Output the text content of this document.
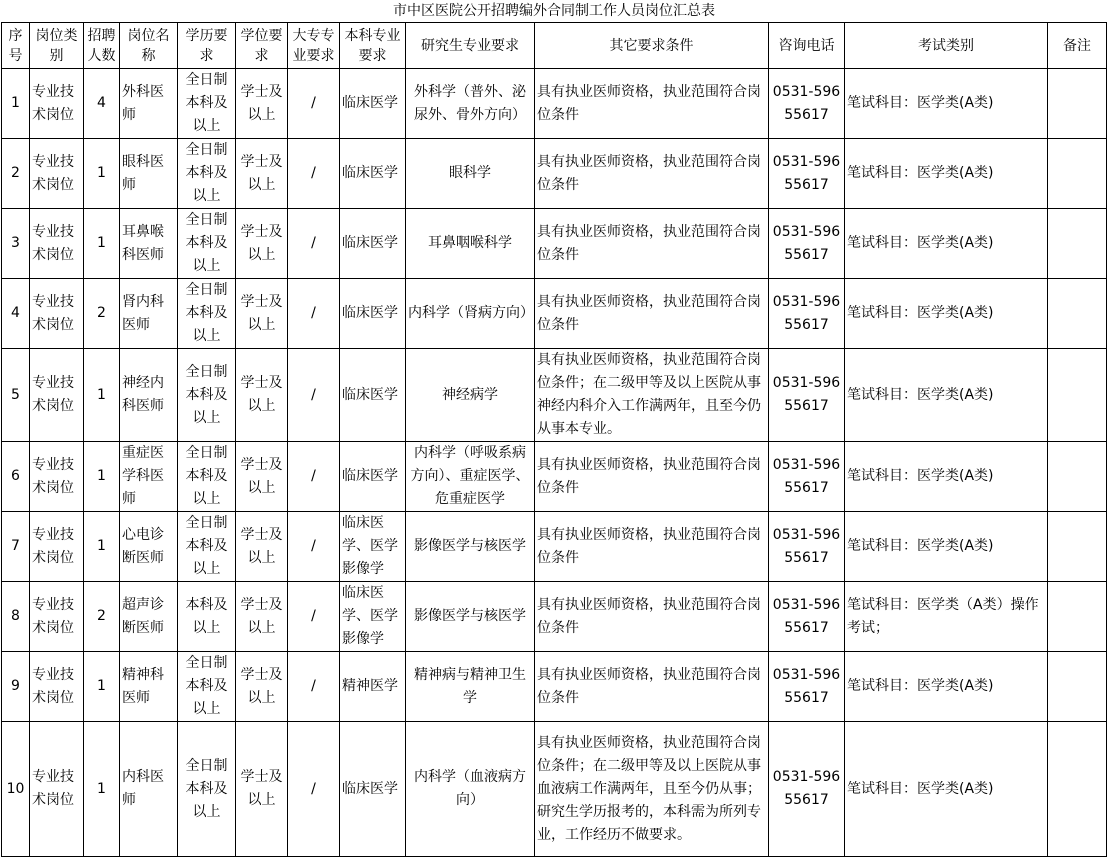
市中区医院公开招聘编外合同制工作人员岗位汇总表
序号	岗位类别	招聘人数	岗位名称	学历要求	学位要求	大专专业要求	本科专业要求	研究生专业要求	其它要求条件	咨询电话	考试类别	备注
1	专业技术岗位	4	外科医师	全日制本科及以上	学士及以上	/	临床医学	外科学（普外、泌尿外、骨外方向）	具有执业医师资格，执业范围符合岗位条件	0531-59655617	笔试科目：医学类(A类)	
2	专业技术岗位	1	眼科医师	全日制本科及以上	学士及以上	/	临床医学	眼科学	具有执业医师资格，执业范围符合岗位条件	0531-59655617	笔试科目：医学类(A类)	
3	专业技术岗位	1	耳鼻喉科医师	全日制本科及以上	学士及以上	/	临床医学	耳鼻咽喉科学	具有执业医师资格，执业范围符合岗位条件	0531-59655617	笔试科目：医学类(A类)	
4	专业技术岗位	2	肾内科医师	全日制本科及以上	学士及以上	/	临床医学	内科学（肾病方向）	具有执业医师资格，执业范围符合岗位条件	0531-59655617	笔试科目：医学类(A类)	
5	专业技术岗位	1	神经内科医师	全日制本科及以上	学士及以上	/	临床医学	神经病学	具有执业医师资格，执业范围符合岗位条件；在二级甲等及以上医院从事神经内科介入工作满两年，且至今仍从事本专业。	0531-59655617	笔试科目：医学类(A类)	
6	专业技术岗位	1	重症医学科医师	全日制本科及以上	学士及以上	/	临床医学	内科学（呼吸系病方向）、重症医学、危重症医学	具有执业医师资格，执业范围符合岗位条件	0531-59655617	笔试科目：医学类(A类)	
7	专业技术岗位	1	心电诊断医师	全日制本科及以上	学士及以上	/	临床医学、医学影像学	影像医学与核医学	具有执业医师资格，执业范围符合岗位条件	0531-59655617	笔试科目：医学类(A类)	
8	专业技术岗位	2	超声诊断医师	本科及以上	学士及以上	/	临床医学、医学影像学	影像医学与核医学	具有执业医师资格，执业范围符合岗位条件	0531-59655617	笔试科目：医学类（A类）操作考试；	
9	专业技术岗位	1	精神科医师	全日制本科及以上	学士及以上	/	精神医学	精神病与精神卫生学	具有执业医师资格，执业范围符合岗位条件	0531-59655617	笔试科目：医学类(A类)	
10	专业技术岗位	1	内科医师	全日制本科及以上	学士及以上	/	临床医学	内科学（血液病方向）	具有执业医师资格，执业范围符合岗位条件；在二级甲等及以上医院从事血液病工作满两年，且至今仍从事；研究生学历报考的，本科需为所列专业，工作经历不做要求。	0531-59655617	笔试科目：医学类(A类)	
